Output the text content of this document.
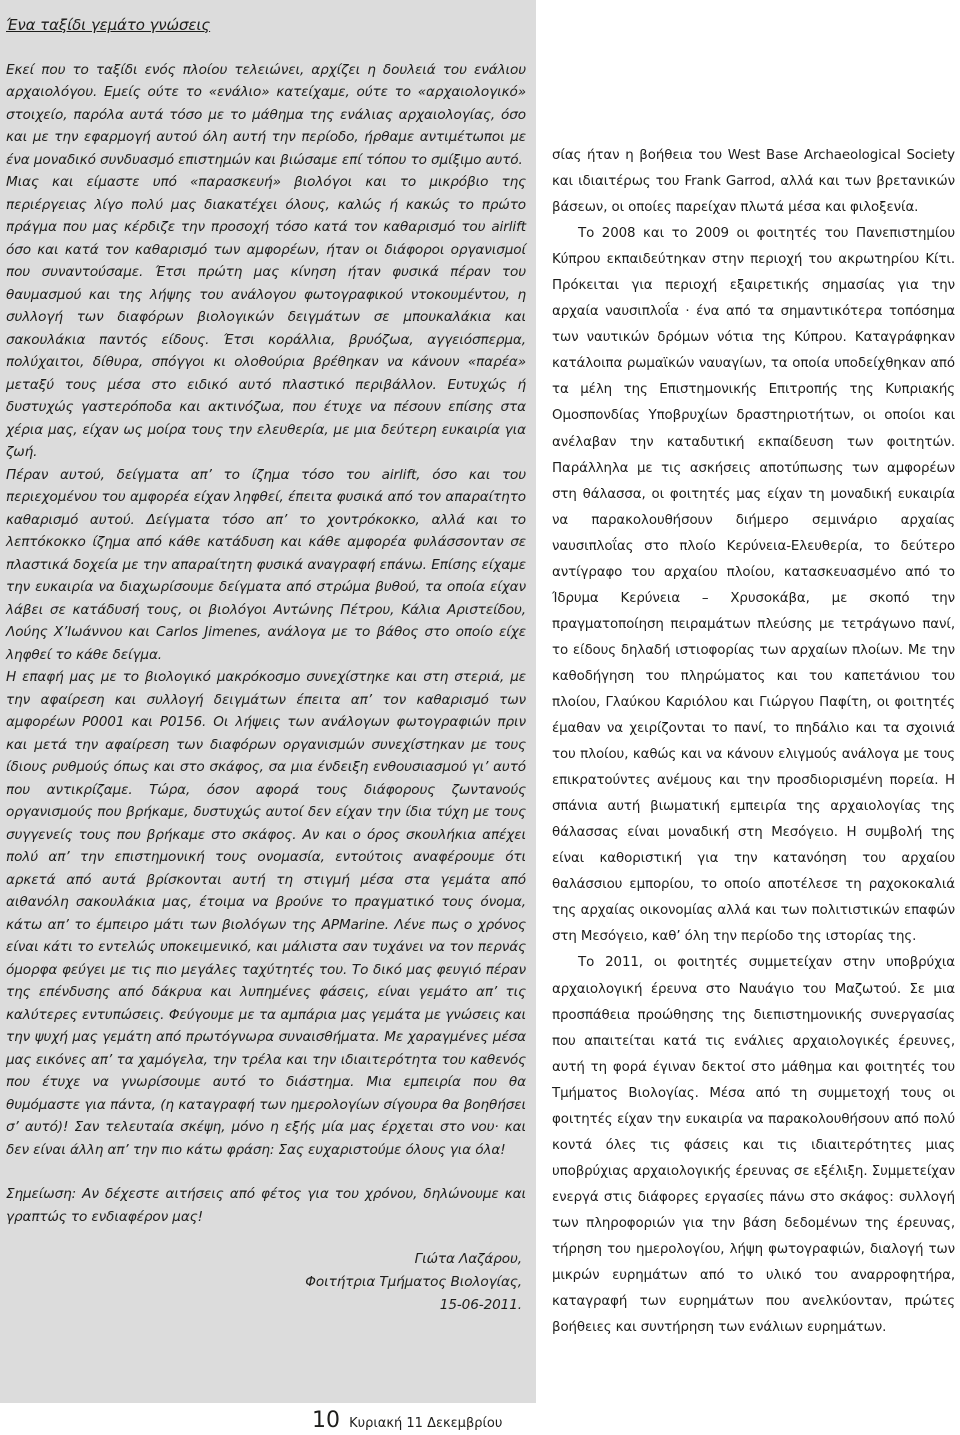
Ένα ταξίδι γεμάτο γνώσεις

Εκεί που το ταξίδι ενός πλοίου τελειώνει, αρχίζει η δουλειά του ενάλιου αρχαιολόγου. Εμείς ούτε το «ενάλιο» κατείχαμε, ούτε το «αρχαιολογικό» στοιχείο, παρόλα αυτά τόσο με το μάθημα της ενάλιας αρχαιολογίας, όσο και με την εφαρμογή αυτού όλη αυτή την περίοδο, ήρθαμε αντιμέτωποι με ένα μοναδικό συνδυασμό επιστημών και βιώσαμε επί τόπου το σμίξιμο αυτό.

Μιας και είμαστε υπό «παρασκευή» βιολόγοι και το μικρόβιο της περιέργειας λίγο πολύ μας διακατέχει όλους, καλώς ή κακώς το πρώτο πράγμα που μας κέρδιζε την προσοχή τόσο κατά τον καθαρισμό του airlift όσο και κατά τον καθαρισμό των αμφορέων, ήταν οι διάφοροι οργανισμοί που συναντούσαμε. Έτσι πρώτη μας κίνηση ήταν φυσικά πέραν του θαυμασμού και της λήψης του ανάλογου φωτογραφικού ντοκουμέντου, η συλλογή των διαφόρων βιολογικών δειγμάτων σε μπουκαλάκια και σακουλάκια παντός είδους. Έτσι κοράλλια, βρυόζωα, αγγειόσπερμα, πολύχαιτοι, δίθυρα, σπόγγοι κι ολοθούρια βρέθηκαν να κάνουν «παρέα» μεταξύ τους μέσα στο ειδικό αυτό πλαστικό περιβάλλον. Ευτυχώς ή δυστυχώς γαστερόποδα και ακτινόζωα, που έτυχε να πέσουν επίσης στα χέρια μας, είχαν ως μοίρα τους την ελευθερία, με μια δεύτερη ευκαιρία για ζωή.

Πέραν αυτού, δείγματα απ’ το ίζημα τόσο του airlift, όσο και του περιεχομένου του αμφορέα είχαν ληφθεί, έπειτα φυσικά από τον απαραίτητο καθαρισμό αυτού. Δείγματα τόσο απ’ το χοντρόκοκκο, αλλά και το λεπτόκοκκο ίζημα από κάθε κατάδυση και κάθε αμφορέα φυλάσσονταν σε πλαστικά δοχεία με την απαραίτητη φυσικά αναγραφή επάνω. Επίσης είχαμε την ευκαιρία να διαχωρίσουμε δείγματα από στρώμα βυθού, τα οποία είχαν λάβει σε κατάδυσή τους, οι βιολόγοι Αντώνης Πέτρου, Κάλια Αριστείδου, Λούης Χ’Ιωάννου και Carlos Jimenes, ανάλογα με το βάθος στο οποίο είχε ληφθεί το κάθε δείγμα.

Η επαφή μας με το βιολογικό μακρόκοσμο συνεχίστηκε και στη στεριά, με την αφαίρεση και συλλογή δειγμάτων έπειτα απ’ τον καθαρισμό των αμφορέων P0001 και P0156. Οι λήψεις των ανάλογων φωτογραφιών πριν και μετά την αφαίρεση των διαφόρων οργανισμών συνεχίστηκαν με τους ίδιους ρυθμούς όπως και στο σκάφος, σα μια ένδειξη ενθουσιασμού γι’ αυτό που αντικρίζαμε. Τώρα, όσον αφορά τους διάφορους ζωντανούς οργανισμούς που βρήκαμε, δυστυχώς αυτοί δεν είχαν την ίδια τύχη με τους συγγενείς τους που βρήκαμε στο σκάφος. Αν και ο όρος σκουλήκια απέχει πολύ απ’ την επιστημονική τους ονομασία, εντούτοις αναφέρουμε ότι αρκετά από αυτά βρίσκονται αυτή τη στιγμή μέσα στα γεμάτα από αιθανόλη σακουλάκια μας, έτοιμα να βρούνε το πραγματικό τους όνομα, κάτω απ’ το έμπειρο μάτι των βιολόγων της APMarine. Λένε πως ο χρόνος είναι κάτι το εντελώς υποκειμενικό, και μάλιστα σαν τυχάνει να τον περνάς όμορφα φεύγει με τις πιο μεγάλες ταχύτητές του. Το δικό μας φευγιό πέραν της επένδυσης από δάκρυα και λυπημένες φάσεις, είναι γεμάτο απ’ τις καλύτερες εντυπώσεις. Φεύγουμε με τα αμπάρια μας γεμάτα με γνώσεις και την ψυχή μας γεμάτη από πρωτόγνωρα συναισθήματα. Με χαραγμένες μέσα μας εικόνες απ’ τα χαμόγελα, την τρέλα και την ιδιαιτερότητα του καθενός που έτυχε να γνωρίσουμε αυτό το διάστημα. Μια εμπειρία που θα θυμόμαστε για πάντα, (η καταγραφή των ημερολογίων σίγουρα θα βοηθήσει σ’ αυτό)! Σαν τελευταία σκέψη, μόνο η εξής μία μας έρχεται στο νου· και δεν είναι άλλη απ’ την πιο κάτω φράση: Σας ευχαριστούμε όλους για όλα!

Σημείωση: Αν δέχεστε αιτήσεις από φέτος για του χρόνου, δηλώνουμε και γραπτώς το ενδιαφέρον μας!

Γιώτα Λαζάρου,
Φοιτήτρια Τμήματος Βιολογίας,
15-06-2011.

σίας ήταν η βοήθεια του West Base Archaeological Society και ιδιαιτέρως του Frank Garrod, αλλά και των βρετανικών βάσεων, οι οποίες παρείχαν πλωτά μέσα και φιλοξενία.

Το 2008 και το 2009 οι φοιτητές του Πανεπιστημίου Κύπρου εκπαιδεύτηκαν στην περιοχή του ακρωτηρίου Κίτι. Πρόκειται για περιοχή εξαιρετικής σημασίας για την αρχαία ναυσιπλοΐα · ένα από τα σημαντικότερα τοπόσημα των ναυτικών δρόμων νότια της Κύπρου. Καταγράφηκαν κατάλοιπα ρωμαϊκών ναυαγίων, τα οποία υποδείχθηκαν από τα μέλη της Επιστημονικής Επιτροπής της Κυπριακής Ομοσπονδίας Υποβρυχίων δραστηριοτήτων, οι οποίοι και ανέλαβαν την καταδυτική εκπαίδευση των φοιτητών. Παράλληλα με τις ασκήσεις αποτύπωσης των αμφορέων στη θάλασσα, οι φοιτητές μας είχαν τη μοναδική ευκαιρία να παρακολουθήσουν διήμερο σεμινάριο αρχαίας ναυσιπλοΐας στο πλοίο Κερύνεια-Ελευθερία, το δεύτερο αντίγραφο του αρχαίου πλοίου, κατασκευασμένο από το Ίδρυμα Κερύνεια – Χρυσοκάβα, με σκοπό την πραγματοποίηση πειραμάτων πλεύσης με τετράγωνο πανί, το είδους δηλαδή ιστιοφορίας των αρχαίων πλοίων. Με την καθοδήγηση του πληρώματος και του καπετάνιου του πλοίου, Γλαύκου Καριόλου και Γιώργου Παφίτη, οι φοιτητές έμαθαν να χειρίζονται το πανί, το πηδάλιο και τα σχοινιά του πλοίου, καθώς και να κάνουν ελιγμούς ανάλογα με τους επικρατούντες ανέμους και την προσδιορισμένη πορεία. Η σπάνια αυτή βιωματική εμπειρία της αρχαιολογίας της θάλασσας είναι μοναδική στη Μεσόγειο. Η συμβολή της είναι καθοριστική για την κατανόηση του αρχαίου θαλάσσιου εμπορίου, το οποίο αποτέλεσε τη ραχοκοκαλιά της αρχαίας οικονομίας αλλά και των πολιτιστικών επαφών στη Μεσόγειο, καθ’ όλη την περίοδο της ιστορίας της.

Το 2011, οι φοιτητές συμμετείχαν στην υποβρύχια αρχαιολογική έρευνα στο Ναυάγιο του Μαζωτού. Σε μια προσπάθεια προώθησης της διεπιστημονικής συνεργασίας που απαιτείται κατά τις ενάλιες αρχαιολογικές έρευνες, αυτή τη φορά έγιναν δεκτοί στο μάθημα και φοιτητές του Τμήματος Βιολογίας. Μέσα από τη συμμετοχή τους οι φοιτητές είχαν την ευκαιρία να παρακολουθήσουν από πολύ κοντά όλες τις φάσεις και τις ιδιαιτερότητες μιας υποβρύχιας αρχαιολογικής έρευνας σε εξέλιξη. Συμμετείχαν ενεργά στις διάφορες εργασίες πάνω στο σκάφος: συλλογή των πληροφοριών για την βάση δεδομένων της έρευνας, τήρηση του ημερολογίου, λήψη φωτογραφιών, διαλογή των μικρών ευρημάτων από το υλικό του αναρροφητήρα, καταγραφή των ευρημάτων που ανελκύονταν, πρώτες βοήθειες και συντήρηση των ενάλιων ευρημάτων.

10 Κυριακή 11 Δεκεμβρίου
